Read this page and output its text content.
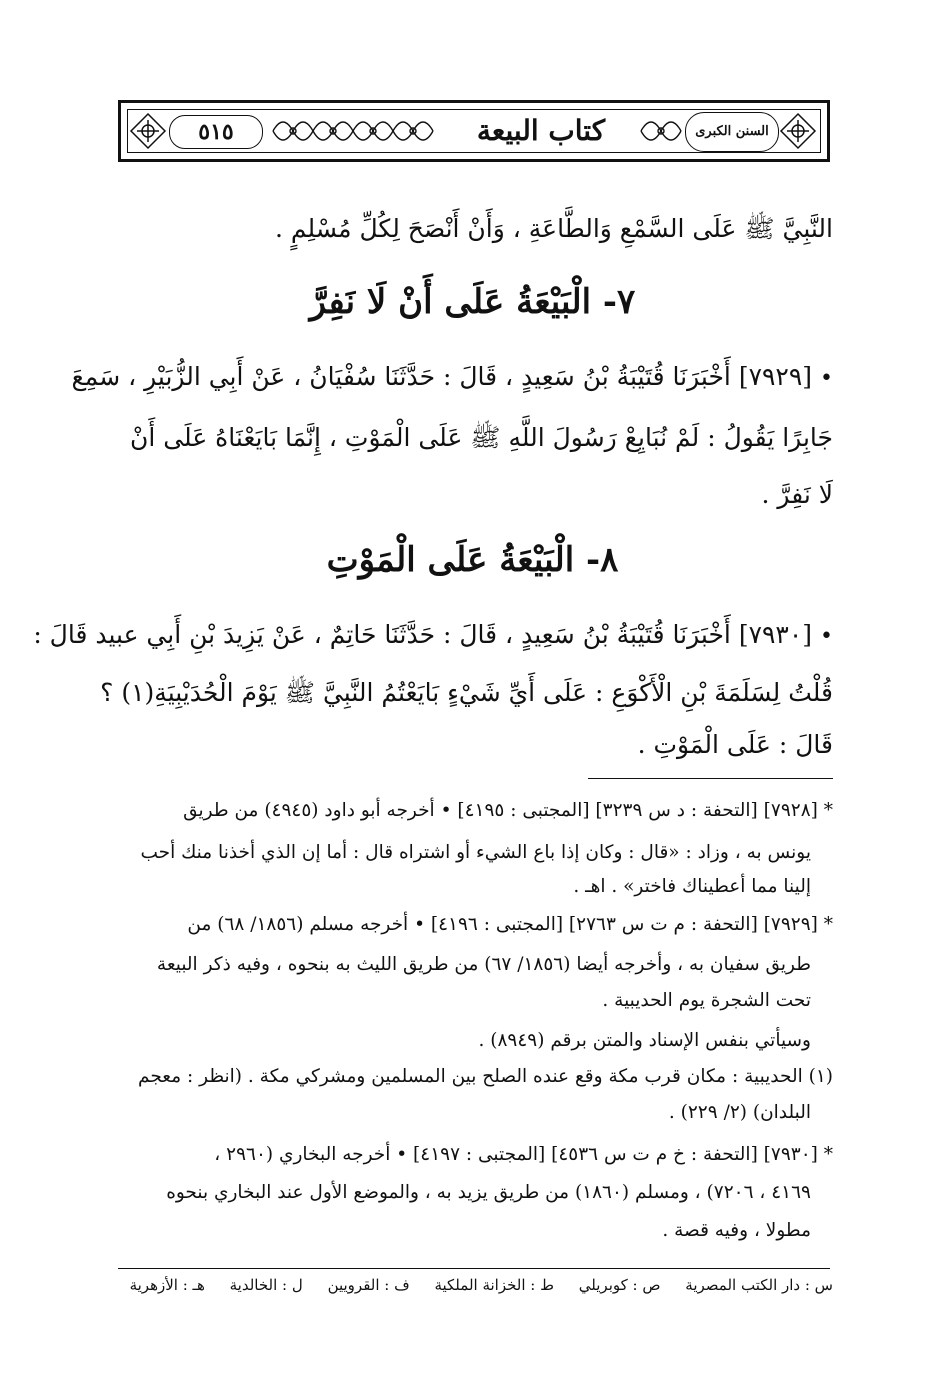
٥١٥	كتاب البيعة	السنن الكبرى
النَّبِيَّ ﷺ عَلَى السَّمْعِ وَالطَّاعَةِ ، وَأَنْ أَنْصَحَ لِكُلِّ مُسْلِمٍ .
٧- الْبَيْعَةُ عَلَى أَنْ لَا نَفِرَّ
• [٧٩٢٩] أَخْبَرَنَا قُتَيْبَةُ بْنُ سَعِيدٍ ، قَالَ : حَدَّثَنَا سُفْيَانُ ، عَنْ أَبِي الزُّبَيْرِ ، سَمِعَ
جَابِرًا يَقُولُ : لَمْ نُبَايِعْ رَسُولَ اللَّهِ ﷺ عَلَى الْمَوْتِ ، إِنَّمَا بَايَعْنَاهُ عَلَى أَنْ
لَا نَفِرَّ .
٨- الْبَيْعَةُ عَلَى الْمَوْتِ
• [٧٩٣٠] أَخْبَرَنَا قُتَيْبَةُ بْنُ سَعِيدٍ ، قَالَ : حَدَّثَنَا حَاتِمٌ ، عَنْ يَزِيدَ بْنِ أَبِي عبيد قَالَ :
قُلْتُ لِسَلَمَةَ بْنِ الْأَكْوَعِ : عَلَى أَيِّ شَيْءٍ بَايَعْتُمُ النَّبِيَّ ﷺ يَوْمَ الْحُدَيْبِيَةِ(١) ؟
قَالَ : عَلَى الْمَوْتِ .
* [٧٩٢٨] [التحفة : د س ٣٢٣٩] [المجتبى : ٤١٩٥] • أخرجه أبو داود (٤٩٤٥) من طريق
يونس به ، وزاد : «قال : وكان إذا باع الشيء أو اشتراه قال : أما إن الذي أخذنا منك أحب
إلينا مما أعطيناك فاختر» . اهـ .
* [٧٩٢٩] [التحفة : م ت س ٢٧٦٣] [المجتبى : ٤١٩٦] • أخرجه مسلم (١٨٥٦/ ٦٨) من
طريق سفيان به ، وأخرجه أيضا (١٨٥٦/ ٦٧) من طريق الليث به بنحوه ، وفيه ذكر البيعة
تحت الشجرة يوم الحديبية .
وسيأتي بنفس الإسناد والمتن برقم (٨٩٤٩) .
(١) الحديبية : مكان قرب مكة وقع عنده الصلح بين المسلمين ومشركي مكة . (انظر : معجم
البلدان) (٢/ ٢٢٩) .
* [٧٩٣٠] [التحفة : خ م ت س ٤٥٣٦] [المجتبى : ٤١٩٧] • أخرجه البخاري (٢٩٦٠ ،
٤١٦٩ ، ٧٢٠٦) ، ومسلم (١٨٦٠) من طريق يزيد به ، والموضع الأول عند البخاري بنحوه
مطولا ، وفيه قصة .
س : دار الكتب المصرية ص : كوبريلي ط : الخزانة الملكية ف : القرويين ل : الخالدية هـ : الأزهرية
